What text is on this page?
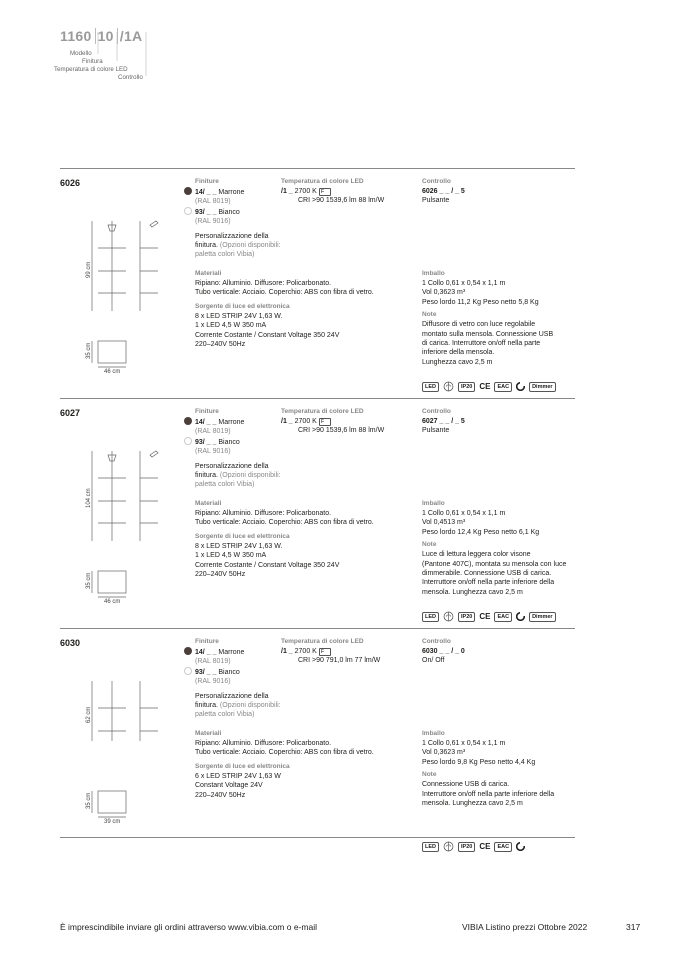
1160 10 /1A
Modello
Finitura
Temperatura di colore LED
Controllo
6026
99 cm
35 cm
46 cm
Finiture
14/ _ _ Marrone
(RAL 8019)
93/ _ _ Bianco
(RAL 9016)
Personalizzazione della
finitura. (Opzioni disponibili:
paletta colori Vibia)
Temperatura di colore LED
/1 _ 2700 K F
CRI >90 1539,6 lm 88 lm/W
Controllo
6026 _ _ / _ 5
Pulsante
Materiali
Ripiano: Alluminio. Diffusore: Policarbonato.
Tubo verticale: Acciaio. Coperchio: ABS con fibra di vetro.
Sorgente di luce ed elettronica
8 x LED STRIP 24V 1,63 W.
1 x LED 4,5 W 350 mA
Corrente Costante / Constant Voltage 350 24V
220–240V 50Hz
Imballo
1 Collo 0,61 x 0,54 x 1,1 m
Vol 0,3623 m³
Peso lordo 11,2 Kg Peso netto 5,8 Kg
Note
Diffusore di vetro con luce regolabile
montato sulla mensola. Connessione USB
di carica. Interruttore on/off nella parte
inferiore della mensola.
Lunghezza cavo 2,5 m
LED	IP20 CE	EAC	Dimmer
6027
104 cm
35 cm
46 cm
Finiture
14/ _ _ Marrone
(RAL 8019)
93/ _ _ Bianco
(RAL 9016)
Personalizzazione della
finitura. (Opzioni disponibili:
paletta colori Vibia)
Temperatura di colore LED
/1 _ 2700 K F
CRI >90 1539,6 lm 88 lm/W
Controllo
6027 _ _ / _ 5
Pulsante
Materiali
Ripiano: Alluminio. Diffusore: Policarbonato.
Tubo verticale: Acciaio. Coperchio: ABS con fibra di vetro.
Sorgente di luce ed elettronica
8 x LED STRIP 24V 1,63 W.
1 x LED 4,5 W 350 mA
Corrente Costante / Constant Voltage 350 24V
220–240V 50Hz
Imballo
1 Collo 0,61 x 0,54 x 1,1 m
Vol 0,4513 m³
Peso lordo 12,4 Kg Peso netto 6,1 Kg
Note
Luce di lettura leggera color visone
(Pantone 407C), montata su mensola con luce
dimmerabile. Connessione USB di carica.
Interruttore on/off nella parte inferiore della
mensola. Lunghezza cavo 2,5 m
LED	IP20 CE	EAC	Dimmer
6030
62 cm
35 cm
39 cm
Finiture
14/ _ _ Marrone
(RAL 8019)
93/ _ _ Bianco
(RAL 9016)
Personalizzazione della
finitura. (Opzioni disponibili:
paletta colori Vibia)
Temperatura di colore LED
/1 _ 2700 K F
CRI >90 791,0 lm 77 lm/W
Controllo
6030 _ _ / _ 0
On/ Off
Materiali
Ripiano: Alluminio. Diffusore: Policarbonato.
Tubo verticale: Acciaio. Coperchio: ABS con fibra di vetro.
Sorgente di luce ed elettronica
6 x LED STRIP 24V 1,63 W
Constant Voltage 24V
220–240V 50Hz
Imballo
1 Collo 0,61 x 0,54 x 1,1 m
Vol 0,3623 m³
Peso lordo 9,8 Kg Peso netto 4,4 Kg
Note
Connessione USB di carica.
Interruttore on/off nella parte inferiore della
mensola. Lunghezza cavo 2,5 m
LED	IP20 CE	EAC
È imprescindibile inviare gli ordini attraverso www.vibia.com o e-mail	VIBIA Listino prezzi Ottobre 2022	317
